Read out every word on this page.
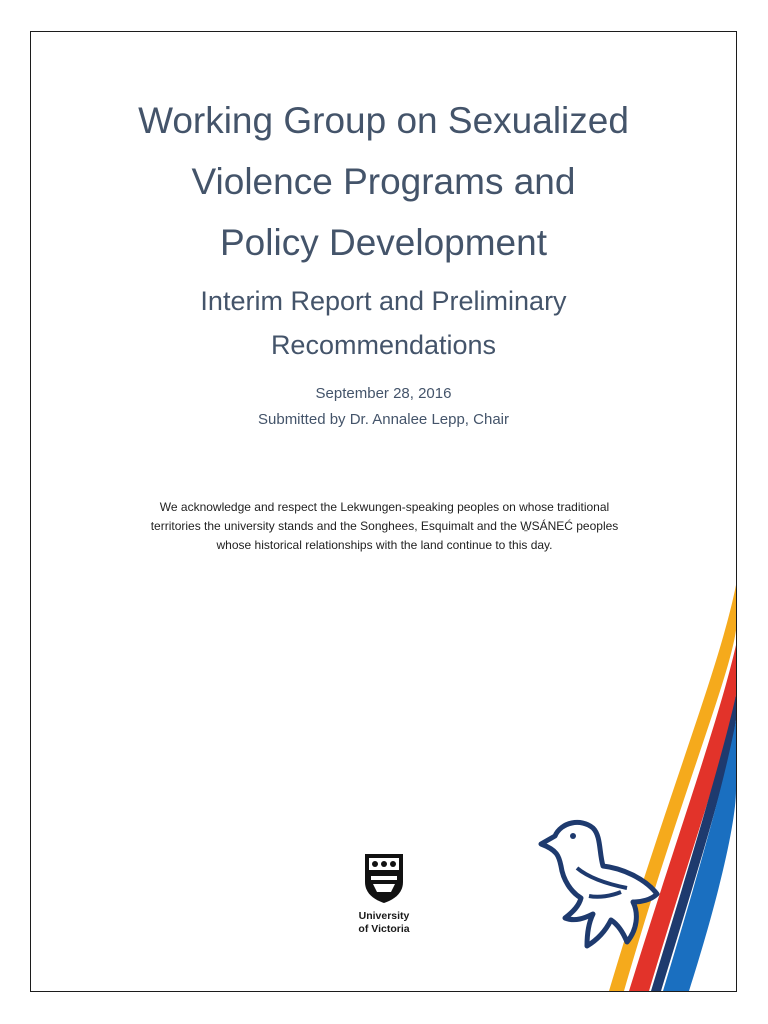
Working Group on Sexualized
Violence Programs and
Policy Development
Interim Report and Preliminary
Recommendations
September 28, 2016
Submitted by Dr. Annalee Lepp, Chair
We acknowledge and respect the Lekwungen-speaking peoples on whose traditional
territories the university stands and the Songhees, Esquimalt and the W̱SÁNEĆ peoples
whose historical relationships with the land continue to this day.
University
of Victoria
